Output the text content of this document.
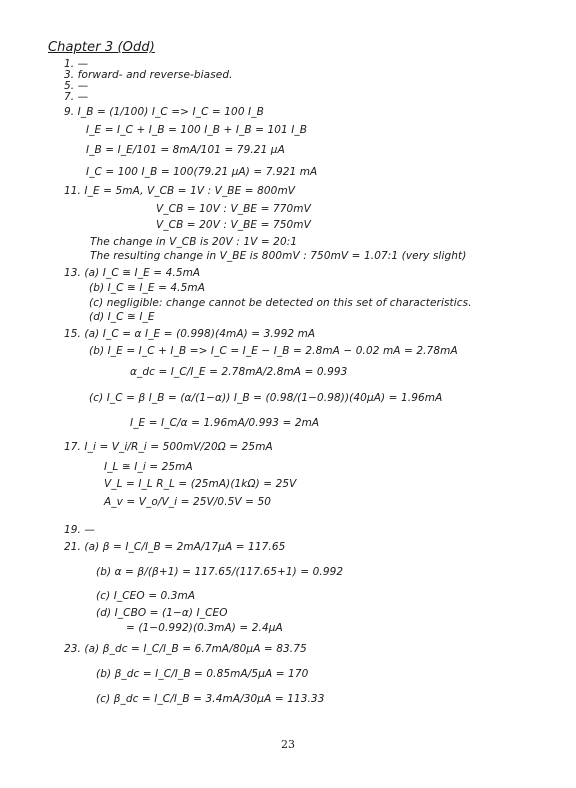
Chapter 3 (Odd)
1. —
3. forward- and reverse-biased.
5. —
7. —
9. I_B = (1/100) I_C => I_C = 100 I_B
I_E = I_C + I_B = 100 I_B + I_B = 101 I_B
I_B = I_E/101 = 8mA/101 = 79.21 μA
I_C = 100 I_B = 100(79.21 μA) = 7.921 mA
11. I_E = 5mA, V_CB = 1V : V_BE = 800mV
V_CB = 10V : V_BE = 770mV
V_CB = 20V : V_BE = 750mV
The change in V_CB is 20V : 1V = 20:1
The resulting change in V_BE is 800mV : 750mV = 1.07:1 (very slight)
13. (a) I_C ≅ I_E = 4.5mA
(b) I_C ≅ I_E = 4.5mA
(c) negligible: change cannot be detected on this set of characteristics.
(d) I_C ≅ I_E
15. (a) I_C = α I_E = (0.998)(4mA) = 3.992 mA
(b) I_E = I_C + I_B => I_C = I_E − I_B = 2.8mA − 0.02 mA = 2.78mA
α_dc = I_C/I_E = 2.78mA/2.8mA = 0.993
(c) I_C = β I_B = (α/(1−α)) I_B = (0.98/(1−0.98))(40μA) = 1.96mA
I_E = I_C/α = 1.96mA/0.993 = 2mA
17. I_i = V_i/R_i = 500mV/20Ω = 25mA
I_L ≅ I_i = 25mA
V_L = I_L R_L = (25mA)(1kΩ) = 25V
A_v = V_o/V_i = 25V/0.5V = 50
19. —
21. (a) β = I_C/I_B = 2mA/17μA = 117.65
(b) α = β/(β+1) = 117.65/(117.65+1) = 0.992
(c) I_CEO = 0.3mA
(d) I_CBO = (1−α) I_CEO
= (1−0.992)(0.3mA) = 2.4μA
23. (a) β_dc = I_C/I_B = 6.7mA/80μA = 83.75
(b) β_dc = I_C/I_B = 0.85mA/5μA = 170
(c) β_dc = I_C/I_B = 3.4mA/30μA = 113.33
23
